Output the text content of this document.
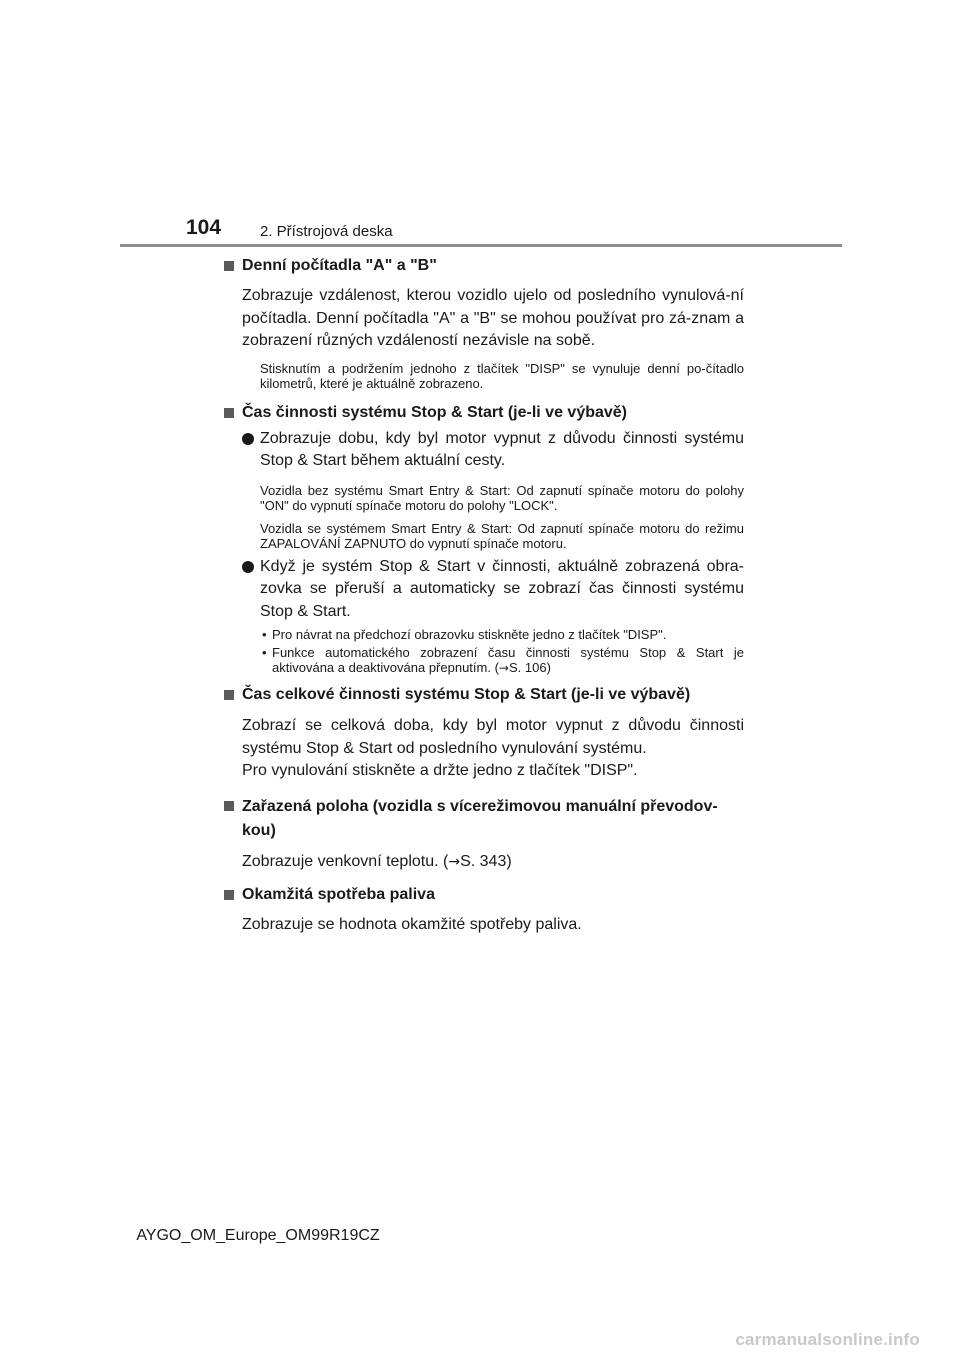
104	2. Přístrojová deska

Denní počítadla "A" a "B"

Zobrazuje vzdálenost, kterou vozidlo ujelo od posledního vynulová-ní počítadla. Denní počítadla "A" a "B" se mohou používat pro zá-znam a zobrazení různých vzdáleností nezávisle na sobě.

Stisknutím a podržením jednoho z tlačítek "DISP" se vynuluje denní po-čítadlo kilometrů, které je aktuálně zobrazeno.

Čas činnosti systému Stop & Start (je-li ve výbavě)

Zobrazuje dobu, kdy byl motor vypnut z důvodu činnosti systému Stop & Start během aktuální cesty.

Vozidla bez systému Smart Entry & Start: Od zapnutí spínače motoru do polohy "ON" do vypnutí spínače motoru do polohy "LOCK".

Vozidla se systémem Smart Entry & Start: Od zapnutí spínače motoru do režimu ZAPALOVÁNÍ ZAPNUTO do vypnutí spínače motoru.

Když je systém Stop & Start v činnosti, aktuálně zobrazená obra-zovka se přeruší a automaticky se zobrazí čas činnosti systému Stop & Start.

• Pro návrat na předchozí obrazovku stiskněte jedno z tlačítek "DISP".
• Funkce automatického zobrazení času činnosti systému Stop & Start je aktivována a deaktivována přepnutím. (→S. 106)

Čas celkové činnosti systému Stop & Start (je-li ve výbavě)

Zobrazí se celková doba, kdy byl motor vypnut z důvodu činnosti systému Stop & Start od posledního vynulování systému.

Pro vynulování stiskněte a držte jedno z tlačítek "DISP".

Zařazená poloha (vozidla s vícerežimovou manuální převodov-kou)

Zobrazuje venkovní teplotu. (→S. 343)

Okamžitá spotřeba paliva

Zobrazuje se hodnota okamžité spotřeby paliva.

AYGO_OM_Europe_OM99R19CZ
carmanualsonline.info
